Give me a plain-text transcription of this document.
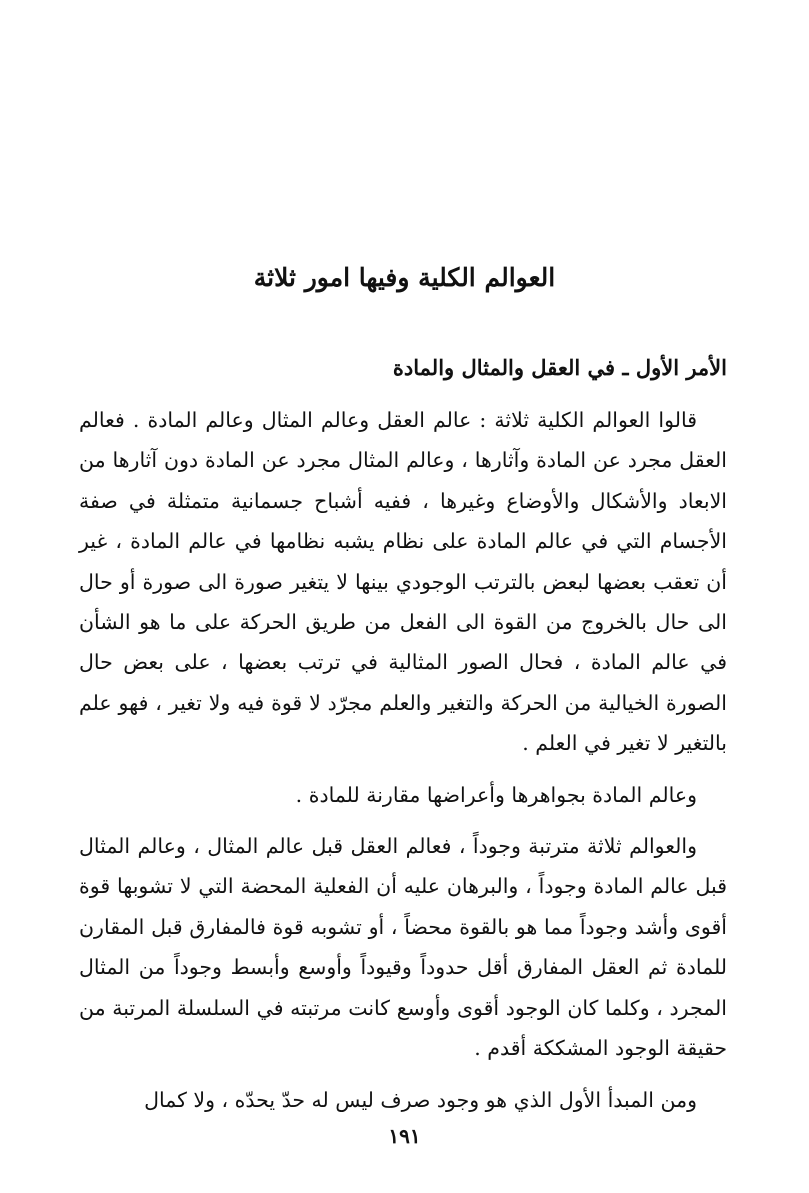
العوالم الكلية وفيها امور ثلاثة
الأمر الأول ـ في العقل والمثال والمادة

قالوا العوالم الكلية ثلاثة : عالم العقل وعالم المثال وعالم المادة . فعالم العقل مجرد عن المادة وآثارها ، وعالم المثال مجرد عن المادة دون آثارها من الابعاد والأشكال والأوضاع وغيرها ، ففيه أشباح جسمانية متمثلة في صفة الأجسام التي في عالم المادة على نظام يشبه نظامها في عالم المادة ، غير أن تعقب بعضها لبعض بالترتب الوجودي بينها لا يتغير صورة الى صورة أو حال الى حال بالخروج من القوة الى الفعل من طريق الحركة على ما هو الشأن في عالم المادة ، فحال الصور المثالية في ترتب بعضها ، على بعض حال الصورة الخيالية من الحركة والتغير والعلم مجرّد لا قوة فيه ولا تغير ، فهو علم بالتغير لا تغير في العلم .

وعالم المادة بجواهرها وأعراضها مقارنة للمادة .

والعوالم ثلاثة مترتبة وجوداً ، فعالم العقل قبل عالم المثال ، وعالم المثال قبل عالم المادة وجوداً ، والبرهان عليه أن الفعلية المحضة التي لا تشوبها قوة أقوى وأشد وجوداً مما هو بالقوة محضاً ، أو تشوبه قوة فالمفارق قبل المقارن للمادة ثم العقل المفارق أقل حدوداً وقيوداً وأوسع وأبسط وجوداً من المثال المجرد ، وكلما كان الوجود أقوى وأوسع كانت مرتبته في السلسلة المرتبة من حقيقة الوجود المشككة أقدم .

ومن المبدأ الأول الذي هو وجود صرف ليس له حدّ يحدّه ، ولا كمال

١٩١
